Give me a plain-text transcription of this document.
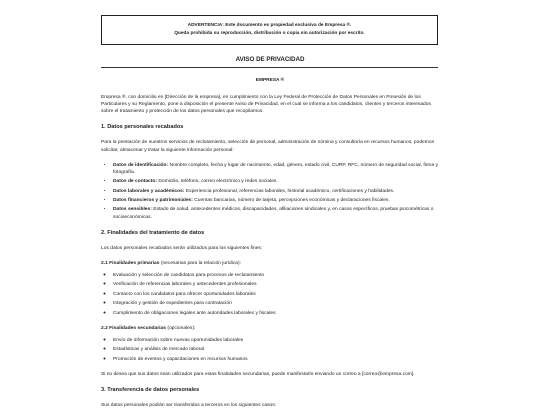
ADVERTENCIA: Este documento es propiedad exclusiva de Empresa ®.
Queda prohibida su reproducción, distribución o copia sin autorización por escrito.
AVISO DE PRIVACIDAD
EMPRESA ®

Empresa ®, con domicilio en [Dirección de la empresa], en cumplimiento con la Ley Federal de Protección de Datos Personales en Posesión de los Particulares y su Reglamento, pone a disposición el presente Aviso de Privacidad, en el cual se informa a los candidatos, clientes y terceros interesados sobre el tratamiento y protección de los datos personales que recopilamos.

1. Datos personales recabados

Para la prestación de nuestros servicios de reclutamiento, selección de personal, administración de nómina y consultoría en recursos humanos, podemos solicitar, almacenar y tratar la siguiente información personal:

• Datos de identificación: Nombre completo, fecha y lugar de nacimiento, edad, género, estado civil, CURP, RFC, número de seguridad social, firma y fotografía.
• Datos de contacto: Domicilio, teléfono, correo electrónico y redes sociales.
• Datos laborales y académicos: Experiencia profesional, referencias laborales, historial académico, certificaciones y habilidades.
• Datos financieros y patrimoniales: Cuentas bancarias, número de tarjeta, percepciones económicas y declaraciones fiscales.
• Datos sensibles: Estado de salud, antecedentes médicos, discapacidades, afiliaciones sindicales y, en casos específicos, pruebas psicométricas o socioeconómicas.
2. Finalidades del tratamiento de datos

Los datos personales recabados serán utilizados para los siguientes fines:

2.1 Finalidades primarias (necesarias para la relación jurídica):

◦ Evaluación y selección de candidatos para procesos de reclutamiento
◦ Verificación de referencias laborales y antecedentes profesionales
◦ Contacto con los candidatos para ofrecer oportunidades laborales
◦ Integración y gestión de expedientes para contratación
◦ Cumplimiento de obligaciones legales ante autoridades laborales y fiscales

2.2 Finalidades secundarias (opcionales):

◦ Envío de información sobre nuevas oportunidades laborales
◦ Estadísticas y análisis de mercado laboral
◦ Promoción de eventos y capacitaciones en recursos humanos

Si no desea que sus datos sean utilizados para estas finalidades secundarias, puede manifestarlo enviando un correo a [correo@empresa.com].

3. Transferencia de datos personales

Sus datos personales podrán ser transferidos a terceros en los siguientes casos:
